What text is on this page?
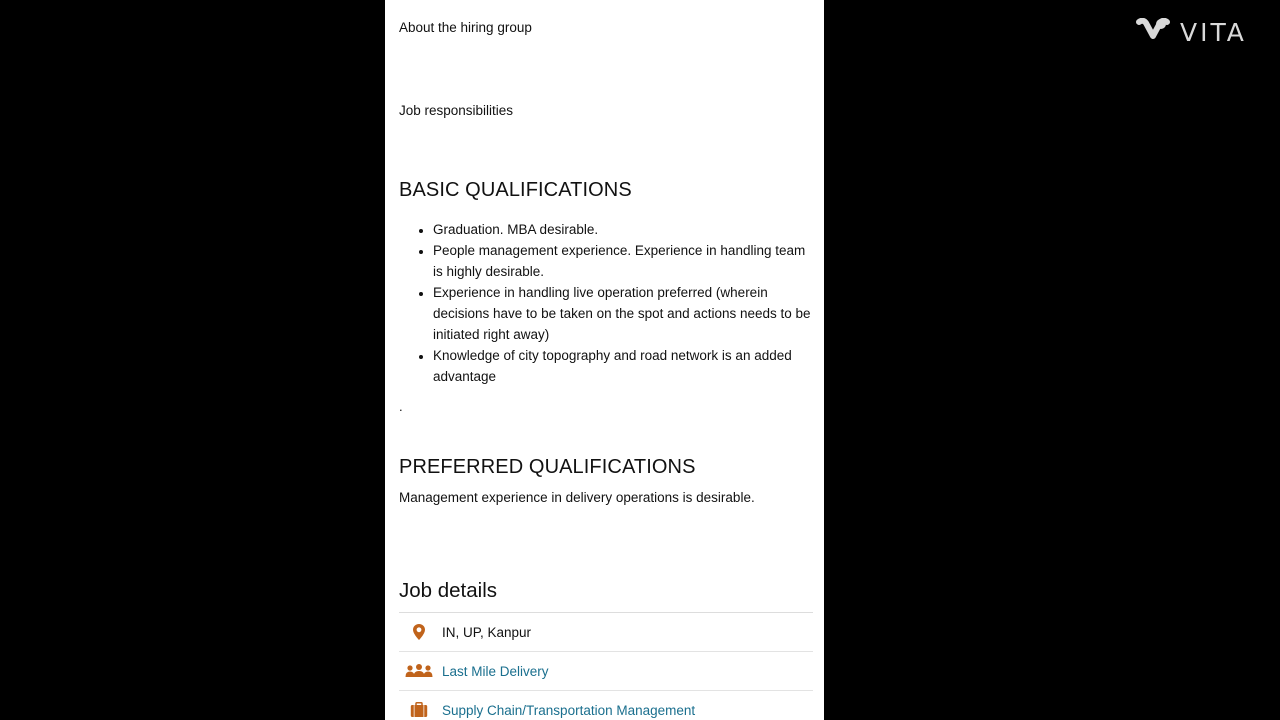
VITA
About the hiring group
Job responsibilities
BASIC QUALIFICATIONS
• Graduation. MBA desirable.
• People management experience. Experience in handling team is highly desirable.
• Experience in handling live operation preferred (wherein decisions have to be taken on the spot and actions needs to be initiated right away)
• Knowledge of city topography and road network is an added advantage
.
PREFERRED QUALIFICATIONS
Management experience in delivery operations is desirable.
Job details
IN, UP, Kanpur
Last Mile Delivery
Supply Chain/Transportation Management
